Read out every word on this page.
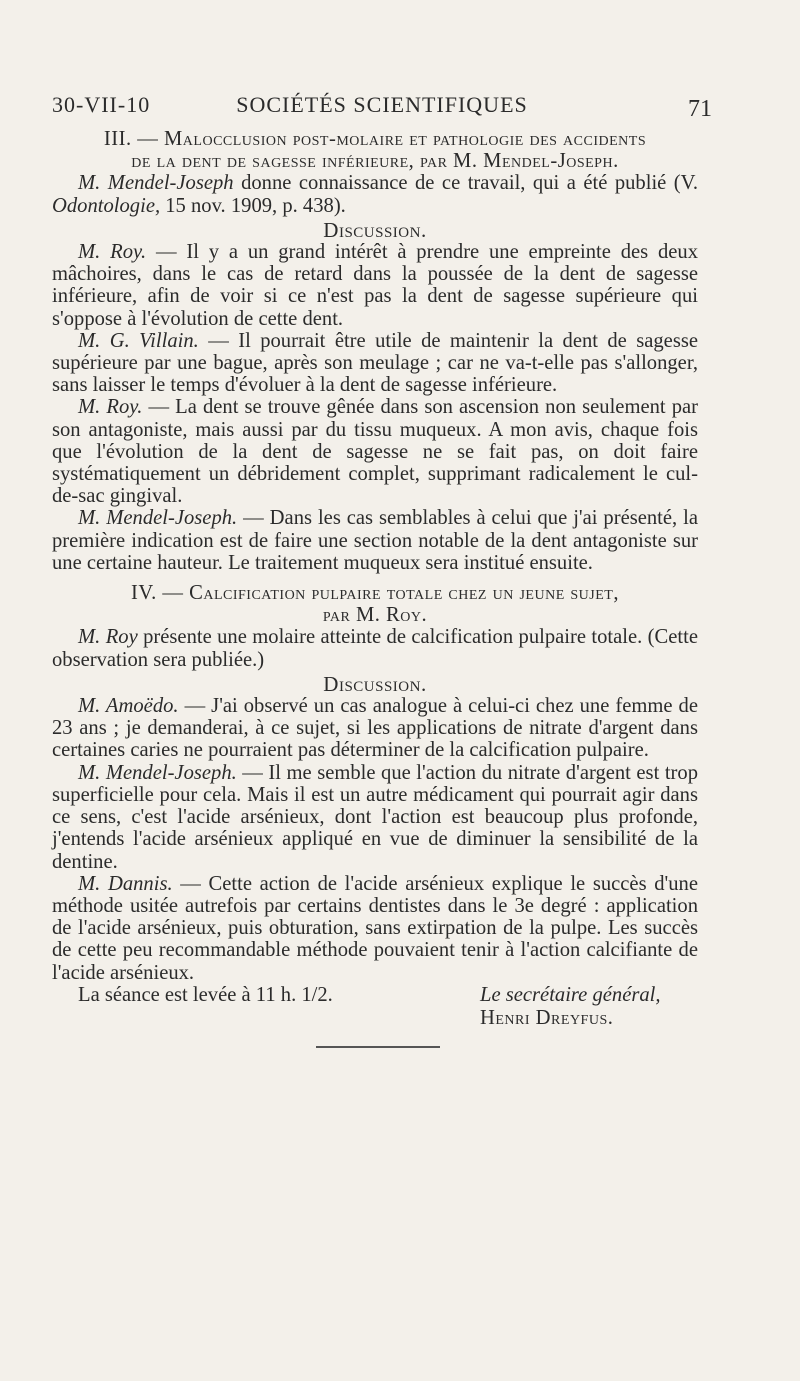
30-VII-10	SOCIÉTÉS SCIENTIFIQUES	71
III. — Malocclusion post-molaire et pathologie des accidents
de la dent de sagesse inférieure, par M. Mendel-Joseph.

M. Mendel-Joseph donne connaissance de ce travail, qui a été publié (V. Odontologie, 15 nov. 1909, p. 438).

Discussion.

M. Roy. — Il y a un grand intérêt à prendre une empreinte des deux mâchoires, dans le cas de retard dans la poussée de la dent de sagesse inférieure, afin de voir si ce n'est pas la dent de sagesse supérieure qui s'oppose à l'évolution de cette dent.

M. G. Villain. — Il pourrait être utile de maintenir la dent de sagesse supérieure par une bague, après son meulage ; car ne va-t-elle pas s'allonger, sans laisser le temps d'évoluer à la dent de sagesse inférieure.

M. Roy. — La dent se trouve gênée dans son ascension non seulement par son antagoniste, mais aussi par du tissu muqueux. A mon avis, chaque fois que l'évolution de la dent de sagesse ne se fait pas, on doit faire systématiquement un débridement complet, supprimant radicalement le cul-de-sac gingival.

M. Mendel-Joseph. — Dans les cas semblables à celui que j'ai présenté, la première indication est de faire une section notable de la dent antagoniste sur une certaine hauteur. Le traitement muqueux sera institué ensuite.

IV. — Calcification pulpaire totale chez un jeune sujet,
par M. Roy.

M. Roy présente une molaire atteinte de calcification pulpaire totale. (Cette observation sera publiée.)

Discussion.

M. Amoëdo. — J'ai observé un cas analogue à celui-ci chez une femme de 23 ans ; je demanderai, à ce sujet, si les applications de nitrate d'argent dans certaines caries ne pourraient pas déterminer de la calcification pulpaire.

M. Mendel-Joseph. — Il me semble que l'action du nitrate d'argent est trop superficielle pour cela. Mais il est un autre médicament qui pourrait agir dans ce sens, c'est l'acide arsénieux, dont l'action est beaucoup plus profonde, j'entends l'acide arsénieux appliqué en vue de diminuer la sensibilité de la dentine.

M. Dannis. — Cette action de l'acide arsénieux explique le succès d'une méthode usitée autrefois par certains dentistes dans le 3e degré : application de l'acide arsénieux, puis obturation, sans extirpation de la pulpe. Les succès de cette peu recommandable méthode pouvaient tenir à l'action calcifiante de l'acide arsénieux.

La séance est levée à 11 h. 1/2.	Le secrétaire général,
Henri Dreyfus.
